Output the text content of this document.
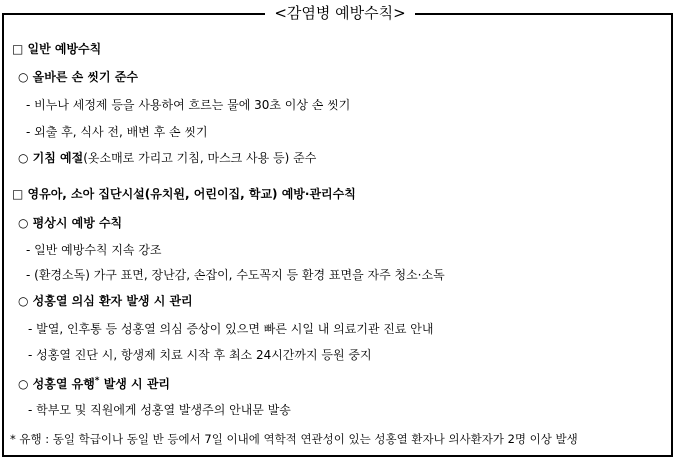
<감염병 예방수칙>
□ 일반 예방수칙
○ 올바른 손 씻기 준수
- 비누나 세정제 등을 사용하여 흐르는 물에 30초 이상 손 씻기
- 외출 후, 식사 전, 배변 후 손 씻기
○ 기침 예절(옷소매로 가리고 기침, 마스크 사용 등) 준수
□ 영유아, 소아 집단시설(유치원, 어린이집, 학교) 예방·관리수칙
○ 평상시 예방 수칙
- 일반 예방수칙 지속 강조
- (환경소독) 가구 표면, 장난감, 손잡이, 수도꼭지 등 환경 표면을 자주 청소·소독
○ 성홍열 의심 환자 발생 시 관리
- 발열, 인후통 등 성홍열 의심 증상이 있으면 빠른 시일 내 의료기관 진료 안내
- 성홍열 진단 시, 항생제 치료 시작 후 최소 24시간까지 등원 중지
○ 성홍열 유행* 발생 시 관리
- 학부모 및 직원에게 성홍열 발생주의 안내문 발송
* 유행 : 동일 학급이나 동일 반 등에서 7일 이내에 역학적 연관성이 있는 성홍열 환자나 의사환자가 2명 이상 발생
